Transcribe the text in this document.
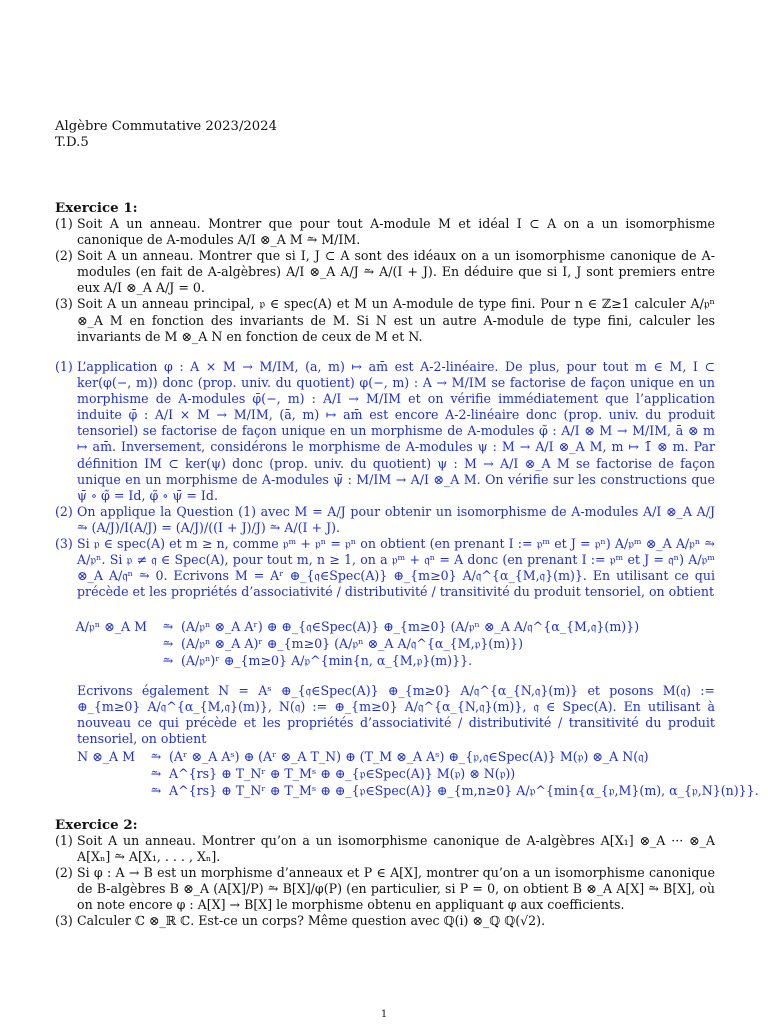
Algèbre Commutative 2023/2024
T.D.5
Exercice 1:
(1) Soit A un anneau. Montrer que pour tout A-module M et idéal I ⊂ A on a un isomorphisme canonique de A-modules A/I ⊗_A M ⥲ M/IM.
(2) Soit A un anneau. Montrer que si I, J ⊂ A sont des idéaux on a un isomorphisme canonique de A-modules (en fait de A-algèbres) A/I ⊗_A A/J ⥲ A/(I + J). En déduire que si I, J sont premiers entre eux A/I ⊗_A A/J = 0.
(3) Soit A un anneau principal, 𝔭 ∈ spec(A) et M un A-module de type fini. Pour n ∈ ℤ≥1 calculer A/𝔭ⁿ ⊗_A M en fonction des invariants de M. Si N est un autre A-module de type fini, calculer les invariants de M ⊗_A N en fonction de ceux de M et N.
(1) L’application φ : A × M → M/IM, (a, m) ↦ am̄ est A-2-linéaire. De plus, pour tout m ∈ M, I ⊂ ker(φ(−, m)) donc (prop. univ. du quotient) φ(−, m) : A → M/IM se factorise de façon unique en un morphisme de A-modules φ̄(−, m) : A/I → M/IM et on vérifie immédiatement que l’application induite φ̄ : A/I × M → M/IM, (ā, m) ↦ am̄ est encore A-2-linéaire donc (prop. univ. du produit tensoriel) se factorise de façon unique en un morphisme de A-modules φ̃ : A/I ⊗ M → M/IM, ā ⊗ m ↦ am̄. Inversement, considérons le morphisme de A-modules ψ : M → A/I ⊗_A M, m ↦ 1̄ ⊗ m. Par définition IM ⊂ ker(ψ) donc (prop. univ. du quotient) ψ : M → A/I ⊗_A M se factorise de façon unique en un morphisme de A-modules ψ̄ : M/IM → A/I ⊗_A M. On vérifie sur les constructions que ψ̄ ∘ φ̃ = Id, φ̃ ∘ ψ̄ = Id.
(2) On applique la Question (1) avec M = A/J pour obtenir un isomorphisme de A-modules A/I ⊗_A A/J ⥲ (A/J)/I(A/J) = (A/J)/((I + J)/J) ⥲ A/(I + J).
(3) Si 𝔭 ∈ spec(A) et m ≥ n, comme 𝔭ᵐ + 𝔭ⁿ = 𝔭ⁿ on obtient (en prenant I := 𝔭ᵐ et J = 𝔭ⁿ) A/𝔭ᵐ ⊗_A A/𝔭ⁿ ⥲ A/𝔭ⁿ. Si 𝔭 ≠ 𝔮 ∈ Spec(A), pour tout m, n ≥ 1, on a 𝔭ᵐ + 𝔮ⁿ = A donc (en prenant I := 𝔭ᵐ et J = 𝔮ⁿ) A/𝔭ᵐ ⊗_A A/𝔮ⁿ ⥲ 0. Ecrivons M = Aʳ ⊕_{𝔮∈Spec(A)} ⊕_{m≥0} A/𝔮^{α_{M,𝔮}(m)}. En utilisant ce qui précède et les propriétés d’associativité / distributivité / transitivité du produit tensoriel, on obtient
A/𝔭ⁿ ⊗_A M ⥲ (A/𝔭ⁿ ⊗_A Aʳ) ⊕ ⊕_{𝔮∈Spec(A)} ⊕_{m≥0} (A/𝔭ⁿ ⊗_A A/𝔮^{α_{M,𝔮}(m)})
⥲ (A/𝔭ⁿ ⊗_A A)ʳ ⊕_{m≥0} (A/𝔭ⁿ ⊗_A A/𝔮^{α_{M,𝔭}(m)})
⥲ (A/𝔭ⁿ)ʳ ⊕_{m≥0} A/𝔭^{min{n, α_{M,𝔭}(m)}}.
Ecrivons également N = Aˢ ⊕_{𝔮∈Spec(A)} ⊕_{m≥0} A/𝔮^{α_{N,𝔮}(m)} et posons M(𝔮) := ⊕_{m≥0} A/𝔮^{α_{M,𝔮}(m)}, N(𝔮) := ⊕_{m≥0} A/𝔮^{α_{N,𝔮}(m)}, 𝔮 ∈ Spec(A). En utilisant à nouveau ce qui précède et les propriétés d’associativité / distributivité / transitivité du produit tensoriel, on obtient
N ⊗_A M ⥲ (Aʳ ⊗_A Aˢ) ⊕ (Aʳ ⊗_A T_N) ⊕ (T_M ⊗_A Aˢ) ⊕_{𝔭,𝔮∈Spec(A)} M(𝔭) ⊗_A N(𝔮)
⥲ A^{rs} ⊕ T_Nʳ ⊕ T_Mˢ ⊕ ⊕_{𝔭∈Spec(A)} M(𝔭) ⊗ N(𝔭))
⥲ A^{rs} ⊕ T_Nʳ ⊕ T_Mˢ ⊕ ⊕_{𝔭∈Spec(A)} ⊕_{m,n≥0} A/𝔭^{min{α_{𝔭,M}(m), α_{𝔭,N}(n)}}.
Exercice 2:
(1) Soit A un anneau. Montrer qu’on a un isomorphisme canonique de A-algèbres A[X₁] ⊗_A ··· ⊗_A A[Xₙ] ⥲ A[X₁, . . . , Xₙ].
(2) Si φ : A → B est un morphisme d’anneaux et P ∈ A[X], montrer qu’on a un isomorphisme canonique de B-algèbres B ⊗_A (A[X]/P) ⥲ B[X]/φ(P) (en particulier, si P = 0, on obtient B ⊗_A A[X] ⥲ B[X], où on note encore φ : A[X] → B[X] le morphisme obtenu en appliquant φ aux coefficients.
(3) Calculer ℂ ⊗_ℝ ℂ. Est-ce un corps? Même question avec ℚ(i) ⊗_ℚ ℚ(√2).
1
